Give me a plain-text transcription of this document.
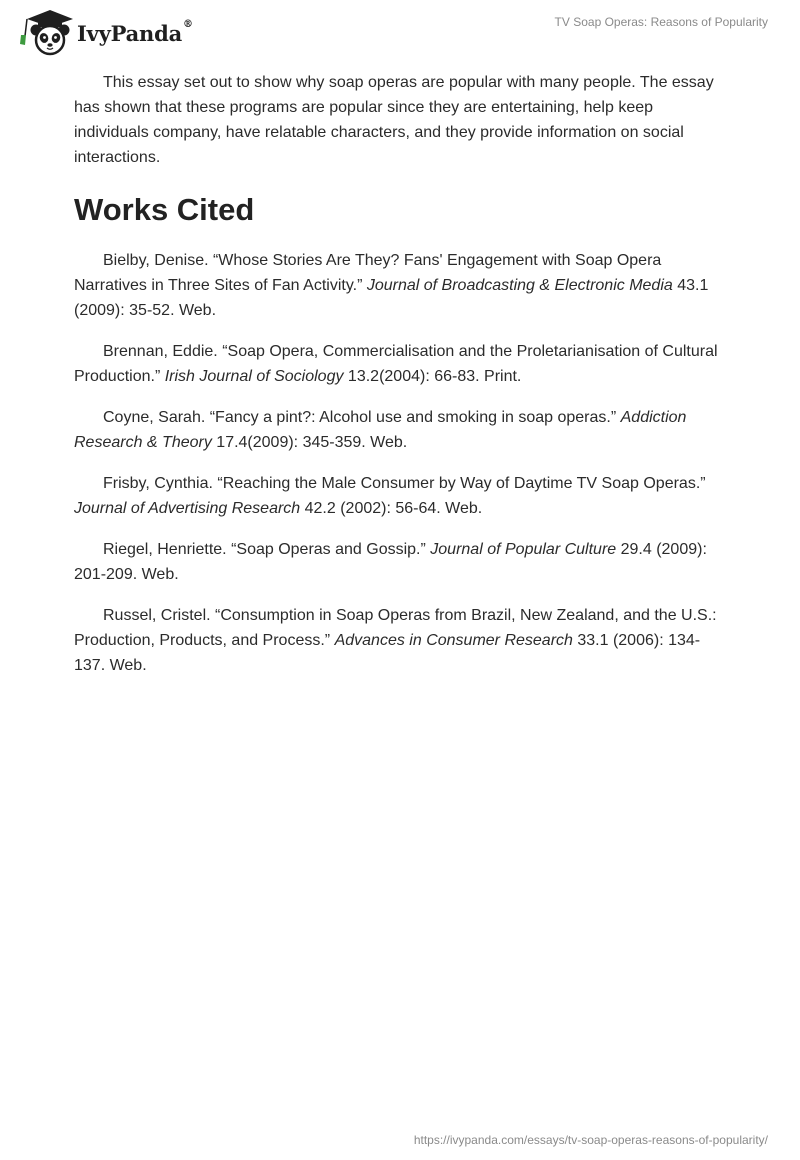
IvyPanda®	TV Soap Operas: Reasons of Popularity

This essay set out to show why soap operas are popular with many people. The essay has shown that these programs are popular since they are entertaining, help keep individuals company, have relatable characters, and they provide information on social interactions.

Works Cited

Bielby, Denise. “Whose Stories Are They? Fans' Engagement with Soap Opera Narratives in Three Sites of Fan Activity.” Journal of Broadcasting & Electronic Media 43.1 (2009): 35-52. Web.

Brennan, Eddie. “Soap Opera, Commercialisation and the Proletarianisation of Cultural Production.” Irish Journal of Sociology 13.2(2004): 66-83. Print.

Coyne, Sarah. “Fancy a pint?: Alcohol use and smoking in soap operas.” Addiction Research & Theory 17.4(2009): 345-359. Web.

Frisby, Cynthia. “Reaching the Male Consumer by Way of Daytime TV Soap Operas.” Journal of Advertising Research 42.2 (2002): 56-64. Web.

Riegel, Henriette. “Soap Operas and Gossip.” Journal of Popular Culture 29.4 (2009): 201-209. Web.

Russel, Cristel. “Consumption in Soap Operas from Brazil, New Zealand, and the U.S.: Production, Products, and Process.” Advances in Consumer Research 33.1 (2006): 134-137. Web.

https://ivypanda.com/essays/tv-soap-operas-reasons-of-popularity/
